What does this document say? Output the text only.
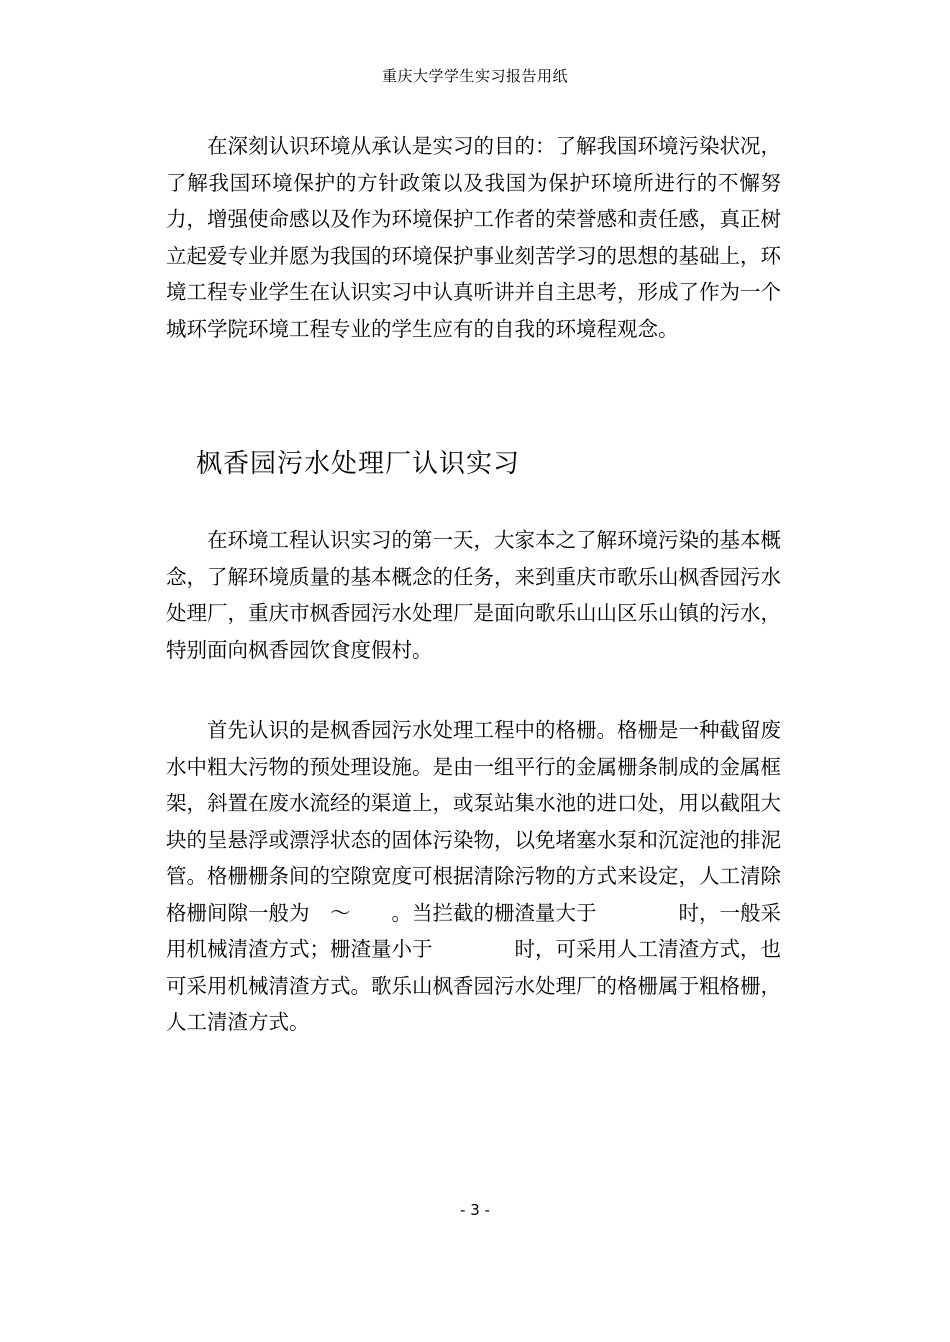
重庆大学学生实习报告用纸

在深刻认识环境从承认是实习的目的：了解我国环境污染状况，了解我国环境保护的方针政策以及我国为保护环境所进行的不懈努力，增强使命感以及作为环境保护工作者的荣誉感和责任感，真正树立起爱专业并愿为我国的环境保护事业刻苦学习的思想的基础上，环境工程专业学生在认识实习中认真听讲并自主思考，形成了作为一个城环学院环境工程专业的学生应有的自我的环境程观念。

枫香园污水处理厂认识实习

在环境工程认识实习的第一天，大家本之了解环境污染的基本概念，了解环境质量的基本概念的任务，来到重庆市歌乐山枫香园污水处理厂，重庆市枫香园污水处理厂是面向歌乐山山区乐山镇的污水，特别面向枫香园饮食度假村。

首先认识的是枫香园污水处理工程中的格栅。格栅是一种截留废水中粗大污物的预处理设施。是由一组平行的金属栅条制成的金属框架，斜置在废水流经的渠道上，或泵站集水池的进口处，用以截阻大块的呈悬浮或漂浮状态的固体污染物，以免堵塞水泵和沉淀池的排泥管。格栅栅条间的空隙宽度可根据清除污物的方式来设定，人工清除格栅间隙一般为　～　　。当拦截的栅渣量大于　　　　时，一般采用机械清渣方式；栅渣量小于　　　　时，可采用人工清渣方式，也可采用机械清渣方式。歌乐山枫香园污水处理厂的格栅属于粗格栅，人工清渣方式。

- 3 -
